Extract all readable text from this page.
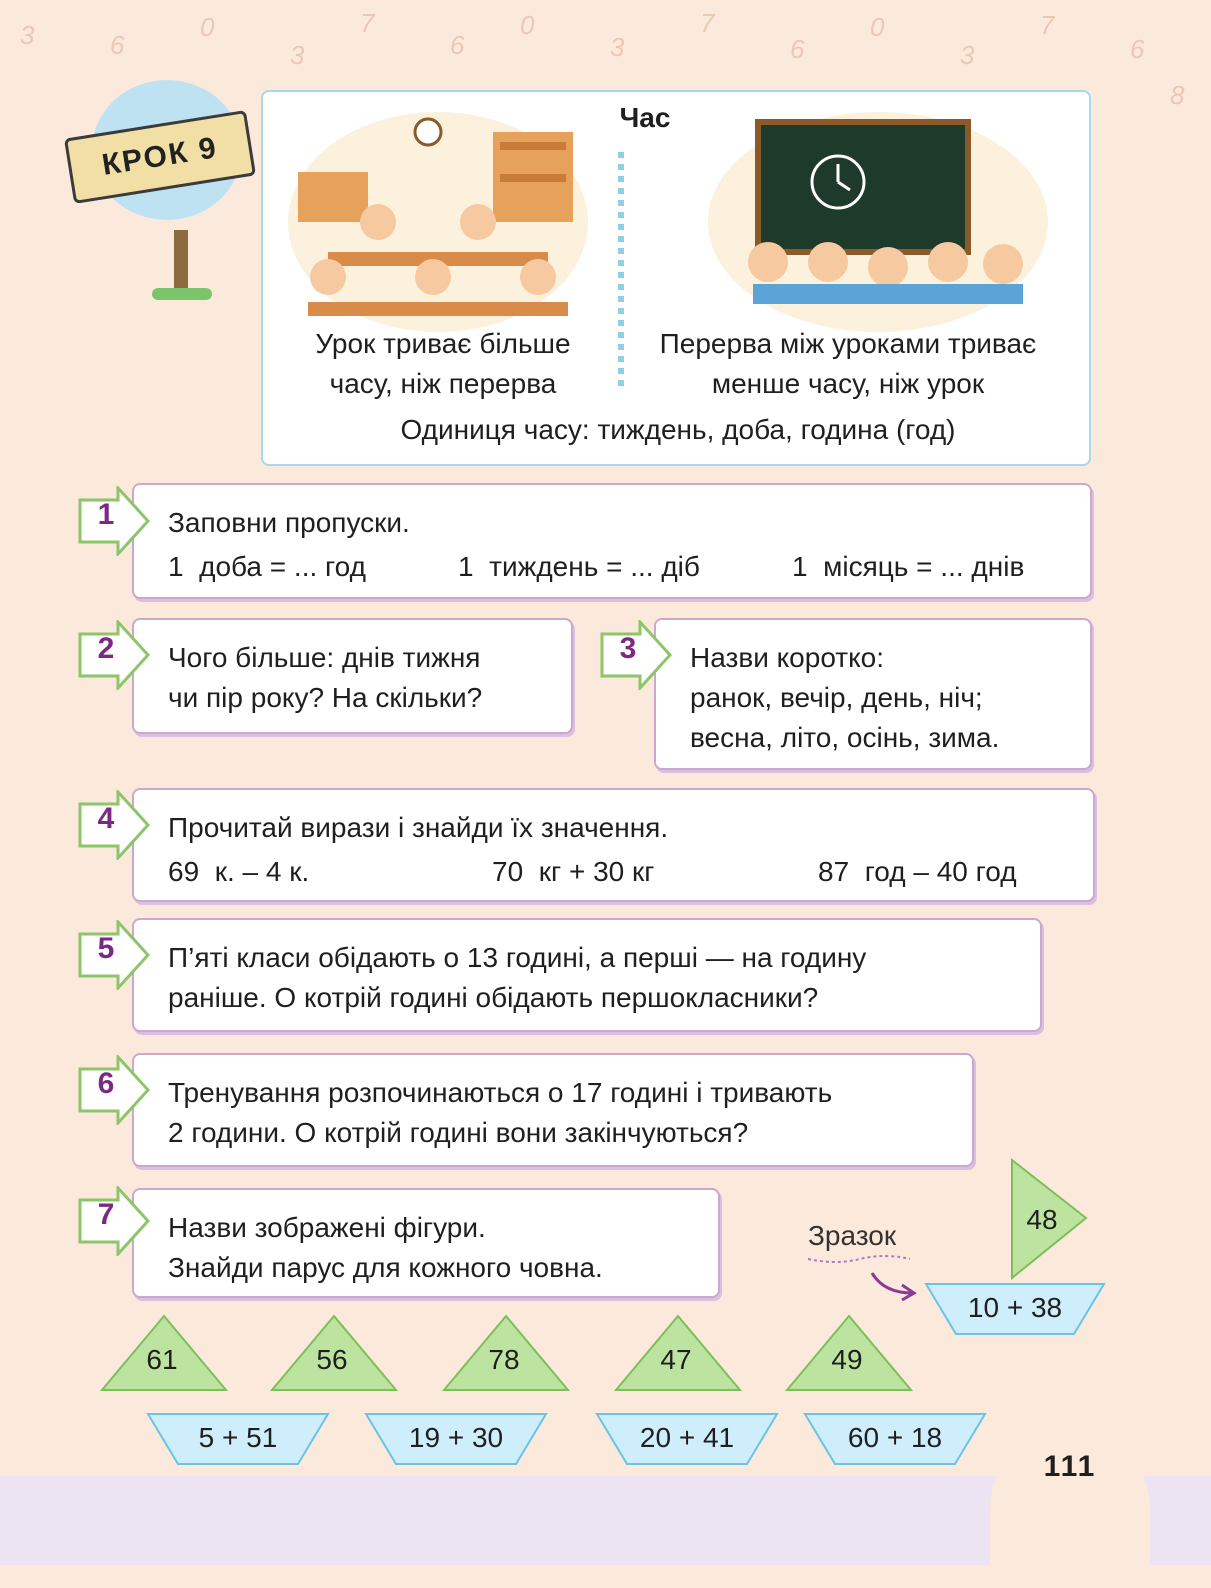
3	6
0
3
7
6
0
3
7
6
0
3
7
6
8
111
КРОК 9
Час
Урок триває більше
часу, ніж перерва
Перерва між уроками триває
менше часу, ніж урок
Одиниця часу: тиждень, доба, година (год)
Заповни пропуски.
1  доба = ... год	1  тиждень = ... діб	1  місяць = ... днів
Чого більше: днів тижня
чи пір року? На скільки?
Назви коротко:
ранок, вечір, день, ніч;
весна, літо, осінь, зима.
Прочитай вирази і знайди їх значення.
69  к. – 4 к.	70  кг + 30 кг	87  год – 40 год
П’яті класи обідають о 13 годині, а перші — на годину
раніше. О котрій годині обідають першокласники?
Тренування розпочинаються о 17 годині і тривають
2 години. О котрій годині вони закінчуються?
Назви зображені фігури.
Знайди парус для кожного човна.
1
2	3
4
5
6
7
Зразок
48
10 + 38
61	56	78	47	49
5 + 51	19 + 30	20 + 41	60 + 18
